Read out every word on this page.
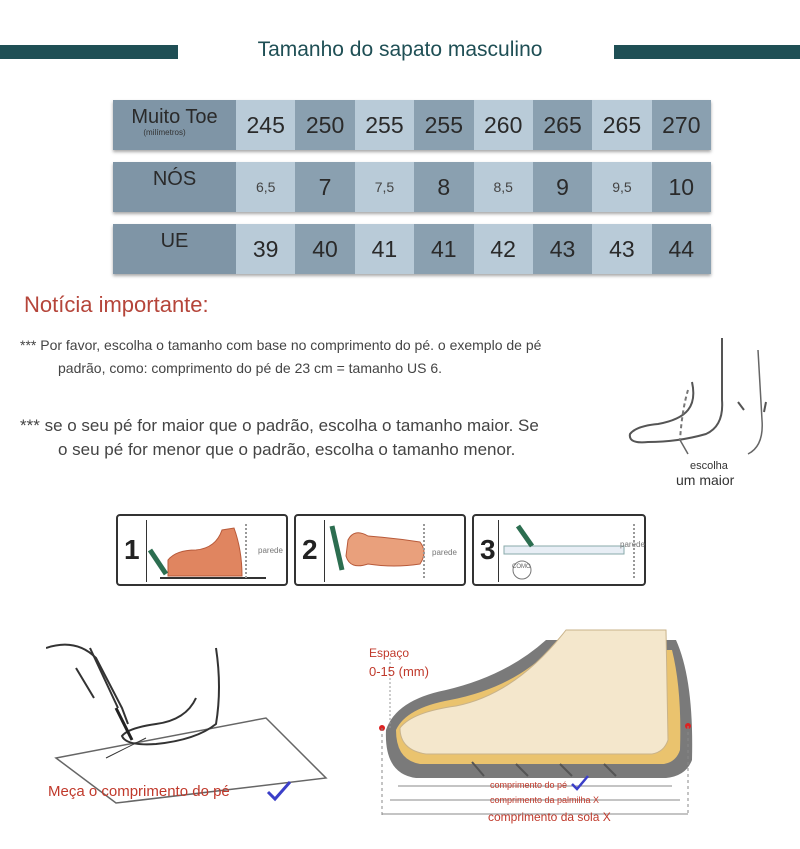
Tamanho do sapato masculino
Muito Toe
(milímetros)	245 250 255 255 260 265 265 270
NÓS	6,5	7	7,5	8	8,5	9	9,5	10
UE	39	40	41	41	42	43	43	44
Notícia importante:
*** Por favor, escolha o tamanho com base no comprimento do pé. o exemplo de pé
padrão, como: comprimento do pé de 23 cm = tamanho US 6.
*** se o seu pé for maior que o padrão, escolha o tamanho maior. Se
o seu pé for menor que o padrão, escolha o tamanho menor.
escolha
um maior
1	parede 2	parede 3	parede
COMO
Meça o comprimento do pé
Espaço
0-15 (mm)
comprimento do pé
comprimento da palmilha X
comprimento da sola X
